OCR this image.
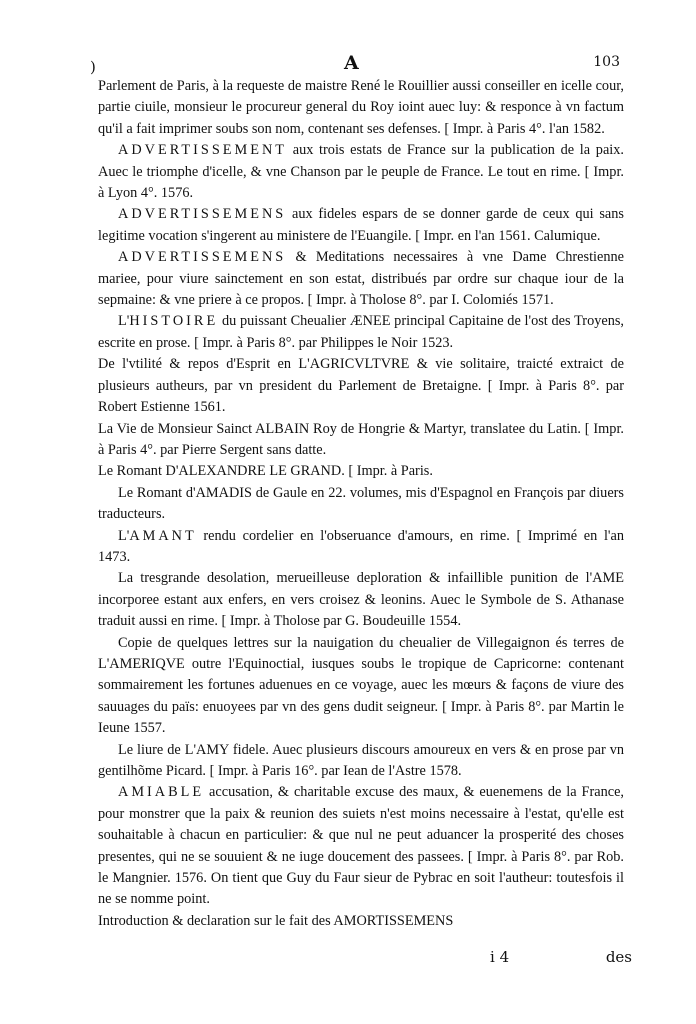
)	A	103

Parlement de Paris, à la requeste de maistre René le Rouillier aussi conseiller en icelle cour, partie ciuile, monsieur le procureur general du Roy ioint auec luy: & responce à vn factum qu'il a fait imprimer soubs son nom, contenant ses defenses. [ Impr. à Paris 4°. l'an 1582.

ADVERTISSEMENT aux trois estats de France sur la publication de la paix. Auec le triomphe d'icelle, & vne Chanson par le peuple de France. Le tout en rime. [ Impr. à Lyon 4°. 1576.

ADVERTISSEMENS aux fideles espars de se donner garde de ceux qui sans legitime vocation s'ingerent au ministere de l'Euangile. [ Impr. en l'an 1561. Calumique.

ADVERTISSEMENS & Meditations necessaires à vne Dame Chrestienne mariee, pour viure sainctement en son estat, distribués par ordre sur chaque iour de la sepmaine: & vne priere à ce propos. [ Impr. à Tholose 8°. par I. Colomiés 1571.

L'HISTOIRE du puissant Cheualier ÆNEE principal Capitaine de l'ost des Troyens, escrite en prose. [ Impr. à Paris 8°. par Philippes le Noir 1523.

De l'vtilité & repos d'Esprit en L'AGRICVLTVRE & vie solitaire, traicté extraict de plusieurs autheurs, par vn president du Parlement de Bretaigne. [ Impr. à Paris 8°. par Robert Estienne 1561.

La Vie de Monsieur Sainct ALBAIN Roy de Hongrie & Martyr, translatee du Latin. [ Impr. à Paris 4°. par Pierre Sergent sans datte.

Le Romant D'ALEXANDRE LE GRAND. [ Impr. à Paris.

Le Romant d'AMADIS de Gaule en 22. volumes, mis d'Espagnol en François par diuers traducteurs.

L'AMANT rendu cordelier en l'obseruance d'amours, en rime. [ Imprimé en l'an 1473.

La tresgrande desolation, merueilleuse deploration & infaillible punition de l'AME incorporee estant aux enfers, en vers croisez & leonins. Auec le Symbole de S. Athanase traduit aussi en rime. [ Impr. à Tholose par G. Boudeuille 1554.

Copie de quelques lettres sur la nauigation du cheualier de Villegaignon és terres de L'AMERIQVE outre l'Equinoctial, iusques soubs le tropique de Capricorne: contenant sommairement les fortunes aduenues en ce voyage, auec les mœurs & façons de viure des sauuages du païs: enuoyees par vn des gens dudit seigneur. [ Impr. à Paris 8°. par Martin le Ieune 1557.

Le liure de L'AMY fidele. Auec plusieurs discours amoureux en vers & en prose par vn gentilhõme Picard. [ Impr. à Paris 16°. par Iean de l'Astre 1578.

AMIABLE accusation, & charitable excuse des maux, & euenemens de la France, pour monstrer que la paix & reunion des suiets n'est moins necessaire à l'estat, qu'elle est souhaitable à chacun en particulier: & que nul ne peut aduancer la prosperité des choses presentes, qui ne se souuient & ne iuge doucement des passees. [ Impr. à Paris 8°. par Rob. le Mangnier. 1576. On tient que Guy du Faur sieur de Pybrac en soit l'autheur: toutesfois il ne se nomme point.

Introduction & declaration sur le fait des AMORTISSEMENS

i 4	des
